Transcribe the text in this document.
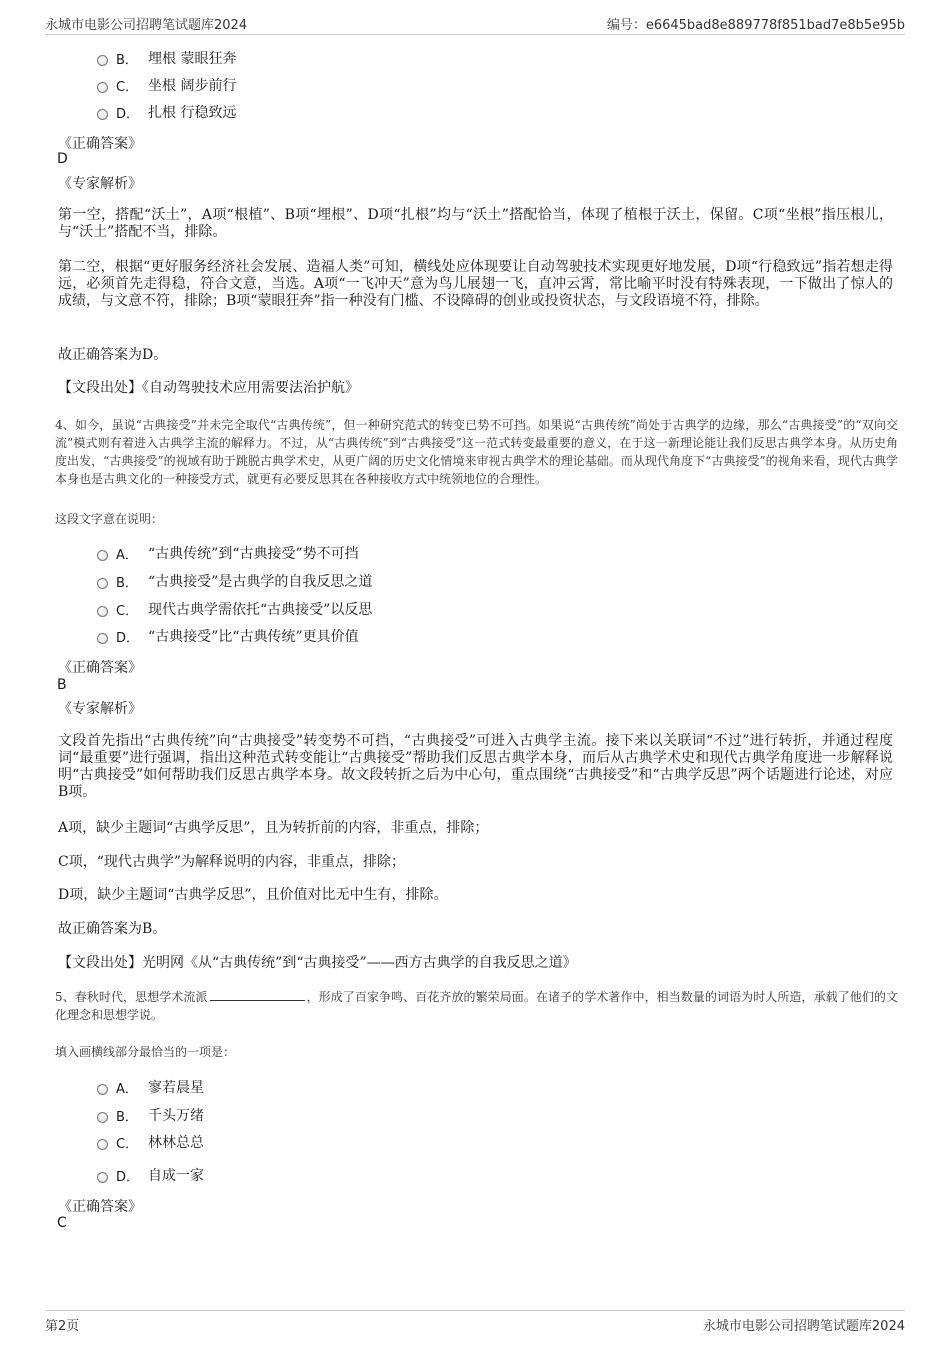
永城市电影公司招聘笔试题库2024	编号：e6645bad8e889778f851bad7e8b5e95b
B． 埋根 蒙眼狂奔
C． 坐根 阔步前行
D． 扎根 行稳致远
《正确答案》
D
《专家解析》
第一空，搭配“沃土”，A项“根植”、B项“埋根”、D项“扎根”均与“沃土”搭配恰当，体现了植根于沃土，保留。C项“坐根”指压根儿，与“沃土”搭配不当，排除。
第二空，根据“更好服务经济社会发展、造福人类”可知，横线处应体现要让自动驾驶技术实现更好地发展，D项“行稳致远”指若想走得远，必须首先走得稳，符合文意，当选。A项“一飞冲天”意为鸟儿展翅一飞，直冲云霄，常比喻平时没有特殊表现，一下做出了惊人的成绩，与文意不符，排除；B项“蒙眼狂奔”指一种没有门槛、不设障碍的创业或投资状态，与文段语境不符，排除。
故正确答案为D。
【文段出处】《自动驾驶技术应用需要法治护航》
4、如今，虽说“古典接受”并未完全取代“古典传统”，但一种研究范式的转变已势不可挡。如果说“古典传统”尚处于古典学的边缘，那么“古典接受”的“双向交流”模式则有着进入古典学主流的解释力。不过，从“古典传统”到“古典接受”这一范式转变最重要的意义，在于这一新理论能让我们反思古典学本身。从历史角度出发，“古典接受”的视域有助于跳脱古典学术史，从更广阔的历史文化情境来审视古典学术的理论基础。而从现代角度下“古典接受”的视角来看，现代古典学本身也是古典文化的一种接受方式，就更有必要反思其在各种接收方式中统领地位的合理性。
这段文字意在说明：
A． “古典传统”到“古典接受”势不可挡
B． “古典接受”是古典学的自我反思之道
C． 现代古典学需依托“古典接受”以反思
D． “古典接受”比“古典传统”更具价值
《正确答案》
B
《专家解析》
文段首先指出“古典传统”向“古典接受”转变势不可挡，“古典接受”可进入古典学主流。接下来以关联词“不过”进行转折，并通过程度词“最重要”进行强调，指出这种范式转变能让“古典接受”帮助我们反思古典学本身，而后从古典学术史和现代古典学角度进一步解释说明“古典接受”如何帮助我们反思古典学本身。故文段转折之后为中心句，重点围绕“古典接受”和“古典学反思”两个话题进行论述，对应B项。
A项，缺少主题词“古典学反思”，且为转折前的内容，非重点，排除；
C项，“现代古典学”为解释说明的内容，非重点，排除；
D项，缺少主题词“古典学反思”，且价值对比无中生有，排除。
故正确答案为B。
【文段出处】光明网《从“古典传统”到“古典接受”——西方古典学的自我反思之道》
5、春秋时代，思想学术流派	，形成了百家争鸣、百花齐放的繁荣局面。在诸子的学术著作中，相当数量的词语为时人所造，承载了他们的文化理念和思想学说。
填入画横线部分最恰当的一项是：
A． 寥若晨星
B． 千头万绪
C． 林林总总
D． 自成一家
《正确答案》
C
第2页	永城市电影公司招聘笔试题库2024
